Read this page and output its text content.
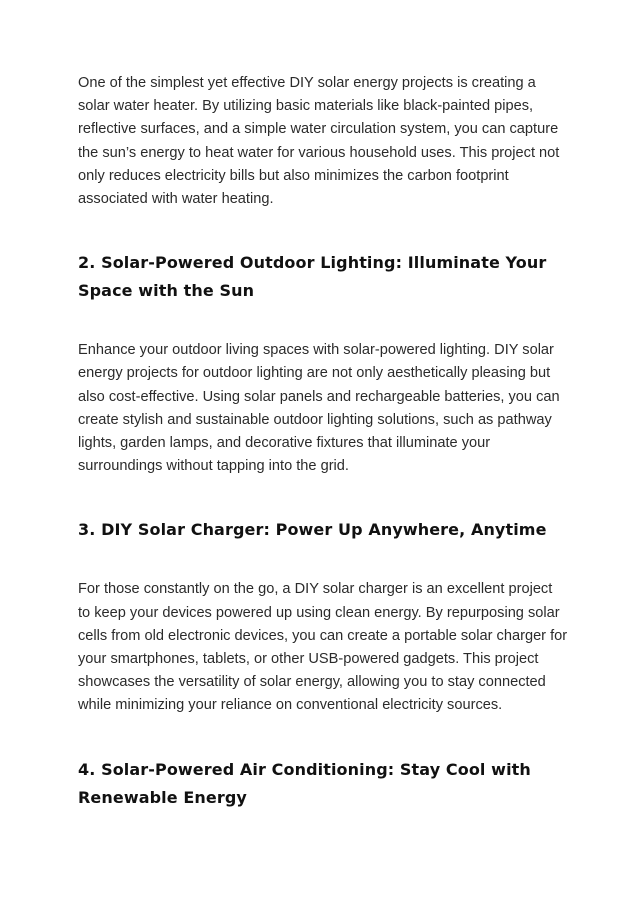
One of the simplest yet effective DIY solar energy projects is creating a solar water heater. By utilizing basic materials like black-painted pipes, reflective surfaces, and a simple water circulation system, you can capture the sun’s energy to heat water for various household uses. This project not only reduces electricity bills but also minimizes the carbon footprint associated with water heating.

2. Solar-Powered Outdoor Lighting: Illuminate Your Space with the Sun

Enhance your outdoor living spaces with solar-powered lighting. DIY solar energy projects for outdoor lighting are not only aesthetically pleasing but also cost-effective. Using solar panels and rechargeable batteries, you can create stylish and sustainable outdoor lighting solutions, such as pathway lights, garden lamps, and decorative fixtures that illuminate your surroundings without tapping into the grid.

3. DIY Solar Charger: Power Up Anywhere, Anytime

For those constantly on the go, a DIY solar charger is an excellent project to keep your devices powered up using clean energy. By repurposing solar cells from old electronic devices, you can create a portable solar charger for your smartphones, tablets, or other USB-powered gadgets. This project showcases the versatility of solar energy, allowing you to stay connected while minimizing your reliance on conventional electricity sources.

4. Solar-Powered Air Conditioning: Stay Cool with Renewable Energy
